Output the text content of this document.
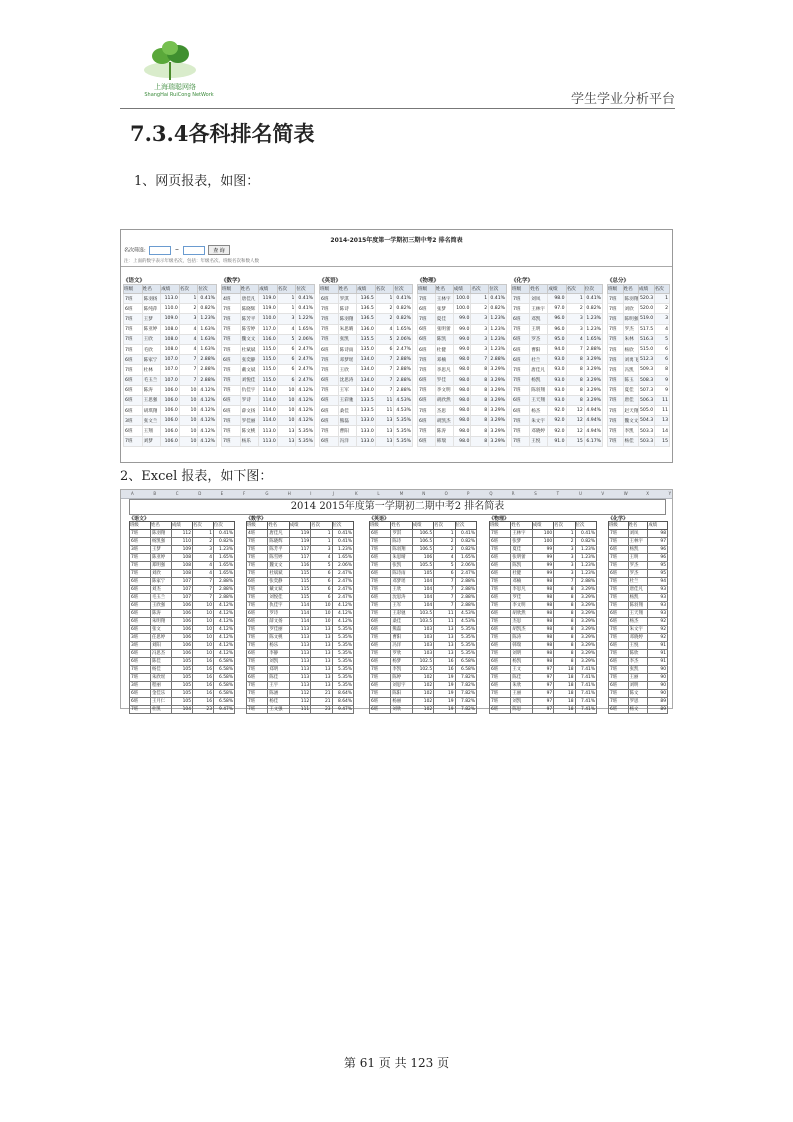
上海瑞聪网络
ShangHai RuiCong NetWork	学生学业分析平台
7.3.4各科排名简表
1、网页报表，如图：
2014-2015年度第一学期初三期中考2 排名简表
名次筛选:	~	查 询
注：上面的数字表示年级名次，包括：年级名次、班级名次和数人数
《语文》
班级	姓名	成绩	名次	位次
7班	陈羽扬	113.0	1	0.41%
6班	陈纯萍	110.0	2	0.82%
7班	王梦	109.0	3	1.23%
7班	陈亚婷	108.0	4	1.63%
7班	王欣	108.0	4	1.63%
7班	毛欣	108.0	4	1.63%
6班	陈家宁	107.0	7	2.88%
7班	杜林	107.0	7	2.88%
6班	毛玉兰	107.0	7	2.88%
6班	陈涛	106.0	10	4.12%
6班	王思强	106.0	10	4.12%
6班	胡琪翔	106.0	10	4.12%
3班	张文兰	106.0	10	4.12%
6班	王翔	106.0	10	4.12%
7班	刘梦	106.0	10	4.12%
《数学》
班级	姓名	成绩	名次	位次
4班	唐佳凡	119.0	1	0.41%
7班	陈晓辉	119.0	1	0.41%
7班	陈芳平	110.0	3	1.22%
7班	陈雪婷	117.0	4	1.65%
7班	魏文文	116.0	5	2.06%
7班	杜斌斌	115.0	6	2.47%
6班	张奕静	115.0	6	2.47%
7班	戴文斌	115.0	6	2.47%
7班	刘悦佳	115.0	6	2.47%
7班	仇佳宇	114.0	10	4.12%
6班	罗诗	114.0	10	4.12%
6班	薛文扬	114.0	10	4.12%
7班	罗佳丽	114.0	10	4.12%
7班	陈文桃	113.0	13	5.35%
7班	杨乐	113.0	13	5.35%
《英语》
班级	姓名	成绩	名次	位次
6班	罗淇	136.5	1	0.41%
7班	陈诗	136.5	2	0.82%
7班	陈羽翔	136.5	2	0.82%
7班	朱思晴	136.0	4	1.65%
7班	张凯	135.5	5	2.06%
6班	陈诗雨	135.0	6	2.47%
7班	邓梦瑶	134.0	7	2.88%
7班	王欣	134.0	7	2.88%
6班	沈思涛	134.0	7	2.88%
7班	王军	134.0	7	2.88%
6班	王彩驰	133.5	11	4.53%
6班	桑佳	133.5	11	4.53%
6班	熊磊	133.0	13	5.35%
7班	曹阳	133.0	13	5.35%
6班	冯洋	133.0	13	5.35%
《物理》
班级	姓名	成绩	名次	位次
7班	王林宇	100.0	1	0.41%
6班	张梦	100.0	2	0.82%
7班	夏佳	99.0	3	1.23%
6班	张明蕾	99.0	3	1.23%
6班	陈凯	99.0	3	1.23%
6班	杜健	99.0	3	1.23%
7班	邓楠	98.0	7	2.88%
7班	李思凡	98.0	8	3.29%
6班	罗佳	98.0	8	3.29%
7班	李文明	98.0	8	3.29%
6班	胡欣然	98.0	8	3.29%
7班	杰思	98.0	8	3.29%
6班	胡凯杰	98.0	8	3.29%
7班	陈涛	98.0	8	3.29%
6班	韩瑞	98.0	8	3.29%
《化学》
班级	姓名	成绩	名次	位次
7班	刘凤	98.0	1	0.41%
7班	王林宇	97.0	2	0.82%
6班	邓凯	96.0	3	1.23%
7班	王明	96.0	3	1.23%
6班	罗杰	95.0	4	1.65%
6班	曹阳	94.0	7	2.88%
6班	杜兰	93.0	8	3.29%
7班	唐佳凡	93.0	8	3.29%
7班	杨凯	93.0	8	3.29%
7班	陈羽翔	93.0	8	3.29%
6班	王天翔	93.0	8	3.29%
6班	杨杰	92.0	12	4.94%
7班	朱文宇	92.0	12	4.94%
7班	邓晓婷	92.0	12	4.94%
7班	王悦	91.0	15	6.17%
《总分》
班级	姓名	成绩	名次
7班	陈羽翔	520.3	1
7班	刘欣	520.0	2
7班	陈明强	519.0	3
7班	罗杰	517.5	4
7班	朱林	516.3	5
7班	杨欣	515.0	6
7班	刘勇飞	512.3	6
7班	冯凯	509.3	8
7班	陈玉	508.3	9
7班	夏佳	507.3	9
7班	唐佳	506.3	11
7班	赵天翔	505.0	11
7班	魏文文	504.3	13
7班	李凯	503.3	14
7班	杨佳	503.3	15
2、Excel 报表，如下图：
A	B	C	D	E	F	G	H	I	J	K	L	M	N	O	P	Q	R	S	T	U	V	W	X	Y
2014 2015年度第一学期初二期中考2 排名简表
《语文》
班级	姓名	成绩	名次	位次
7班	陈羽翔	112	1	0.41%
6班	杨凯强	110	2	0.82%
3班	王梦	109	3	1.23%
7班	陈亚婷	108	4	1.65%
7班	郑明强	108	4	1.65%
7班	刘欣	108	4	1.65%
6班	陈家宁	107	7	2.88%
6班	刘杰	107	7	2.88%
6班	毛玉兰	107	7	2.88%
6班	王欣强	106	10	4.12%
6班	陈涛	106	10	4.12%
6班	朱明翔	106	10	4.12%
6班	张文	106	10	4.12%
3班	任思婷	106	10	4.12%
3班	刘阳	106	10	4.12%
6班	冯思杰	106	10	4.12%
6班	陈佳	105	16	6.58%
7班	杨佳	105	16	6.58%
7班	朱欣瑶	105	16	6.58%
3班	程丽	105	16	6.58%
6班	金佳乐	105	16	6.58%
6班	王月仁	105	16	6.58%
7班	杜凯	104	23	9.47%
《数学》
班级	姓名	成绩	名次	位次
4班	唐佳凡	119	1	0.41%
7班	陈晓辉	119	1	0.41%
7班	陈芳平	117	3	1.23%
7班	陈雪婷	117	4	1.65%
7班	魏文文	116	5	2.06%
7班	杜斌斌	115	6	2.47%
6班	张奕静	115	6	2.47%
7班	戴文斌	115	6	2.47%
7班	刘悦佳	115	6	2.47%
7班	仇佳宇	114	10	4.12%
6班	罗诗	114	10	4.12%
6班	薛文扬	114	10	4.12%
7班	罗佳丽	113	13	5.35%
7班	陈文桃	113	13	5.35%
7班	杨乐	113	13	5.35%
6班	李静	113	13	5.35%
7班	刘凯	113	13	5.35%
7班	郑明	113	13	5.35%
6班	陈佳	113	13	5.35%
7班	王宇	113	13	5.35%
7班	陈涵	112	21	8.64%
7班	杨佳	112	21	8.64%
7班	王文强	111	23	9.47%
《英语》
班级	姓名	成绩	名次	位次
6班	罗淇	106.5	1	0.41%
7班	陈诗	106.5	2	0.82%
7班	陈羽翔	106.5	2	0.82%
6班	朱思晴	106	4	1.65%
7班	张凯	105.5	5	2.06%
6班	陈诗雨	105	6	2.47%
7班	邓梦瑶	104	7	2.88%
7班	王欣	104	7	2.88%
6班	沈思涛	104	7	2.88%
7班	王军	104	7	2.88%
7班	王彩驰	103.5	11	4.53%
6班	桑佳	103.5	11	4.53%
6班	熊磊	103	13	5.35%
7班	曹阳	103	13	5.35%
6班	冯洋	103	13	5.35%
7班	罗欣	103	13	5.35%
6班	杨梦	102.5	16	6.58%
7班	李凯	102.5	16	6.58%
7班	陈婷	102	19	7.82%
6班	刘思宇	102	19	7.82%
7班	陈阳	102	19	7.82%
6班	杨丽	102	19	7.82%
6班	刘欣	102	19	7.82%
《物理》
班级	姓名	成绩	名次	位次
7班	王林宇	100	1	0.41%
6班	张梦	100	2	0.82%
7班	夏佳	99	3	1.23%
6班	张明蕾	99	3	1.23%
6班	陈凯	99	3	1.23%
6班	杜健	99	3	1.23%
7班	邓楠	98	7	2.88%
7班	李思凡	98	8	3.29%
6班	罗佳	98	8	3.29%
7班	李文明	98	8	3.29%
6班	胡欣然	98	8	3.29%
7班	杰思	98	8	3.29%
6班	胡凯杰	98	8	3.29%
7班	陈涛	98	8	3.29%
6班	韩瑞	98	8	3.29%
7班	刘明	98	8	3.29%
6班	杨凯	98	8	3.29%
6班	王文	97	18	7.41%
7班	陈佳	97	18	7.41%
6班	朱欣	97	18	7.41%
7班	王丽	97	18	7.41%
7班	刘凯	97	18	7.41%
6班	陈思	97	18	7.41%
《化学》
班级	姓名	成绩
7班	刘凤	98
7班	王林宇	97
6班	杨凯	96
7班	王明	96
7班	罗杰	95
6班	罗杰	95
7班	杜兰	94
7班	唐佳凡	93
7班	杨凯	93
7班	陈羽翔	93
6班	王天翔	93
6班	杨杰	92
7班	朱文宇	92
7班	邓晓婷	92
6班	王悦	91
7班	陈欣	91
6班	李杰	91
7班	张凯	90
7班	王丽	90
6班	刘明	90
7班	陈文	90
7班	罗思	89
6班	杨文	89
第 61 页 共 123 页
